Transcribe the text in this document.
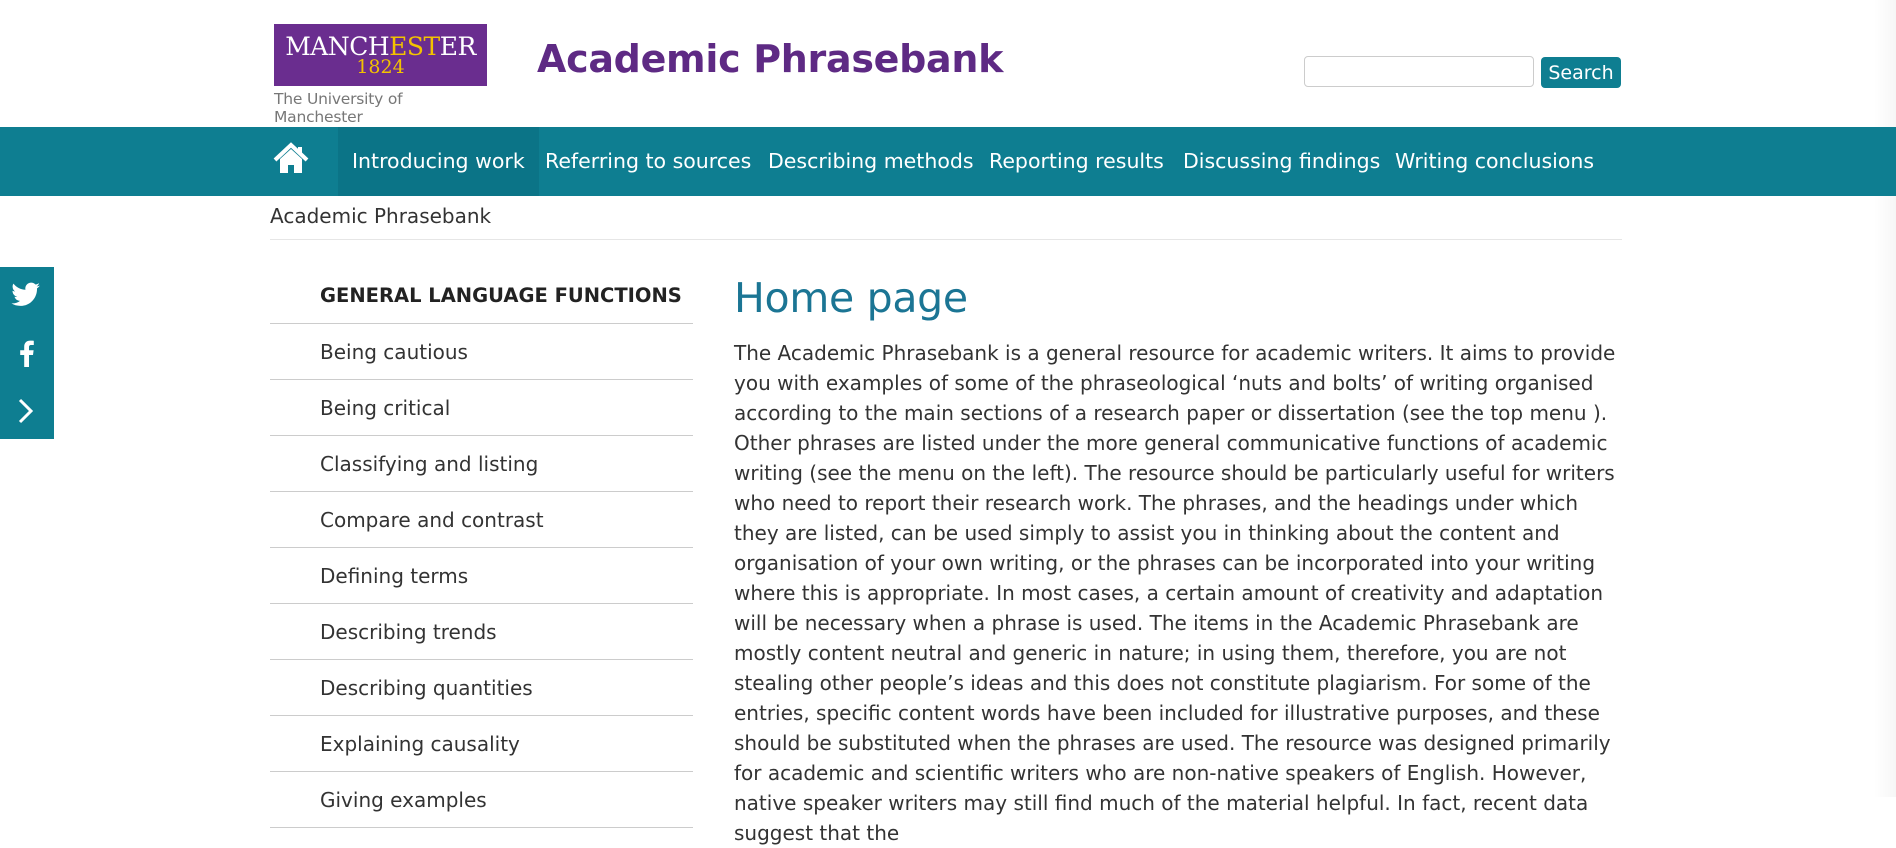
MANCHESTER
1824
The University of Manchester
Academic Phrasebank	Search
Introducing work Referring to sources Describing methods Reporting results Discussing findings Writing conclusions
Academic Phrasebank
GENERAL LANGUAGE FUNCTIONS
Being cautious
Being critical
Classifying and listing
Compare and contrast
Defining terms
Describing trends
Describing quantities
Explaining causality
Giving examples
Home page

The Academic Phrasebank is a general resource for academic writers. It aims to provide you with examples of some of the phraseological ‘nuts and bolts’ of writing organised according to the main sections of a research paper or dissertation (see the top menu ). Other phrases are listed under the more general communicative functions of academic writing (see the menu on the left). The resource should be particularly useful for writers who need to report their research work. The phrases, and the headings under which they are listed, can be used simply to assist you in thinking about the content and organisation of your own writing, or the phrases can be incorporated into your writing where this is appropriate. In most cases, a certain amount of creativity and adaptation will be necessary when a phrase is used. The items in the Academic Phrasebank are mostly content neutral and generic in nature; in using them, therefore, you are not stealing other people’s ideas and this does not constitute plagiarism. For some of the entries, specific content words have been included for illustrative purposes, and these should be substituted when the phrases are used. The resource was designed primarily for academic and scientific writers who are non-native speakers of English. However, native speaker writers may still find much of the material helpful. In fact, recent data suggest that the
